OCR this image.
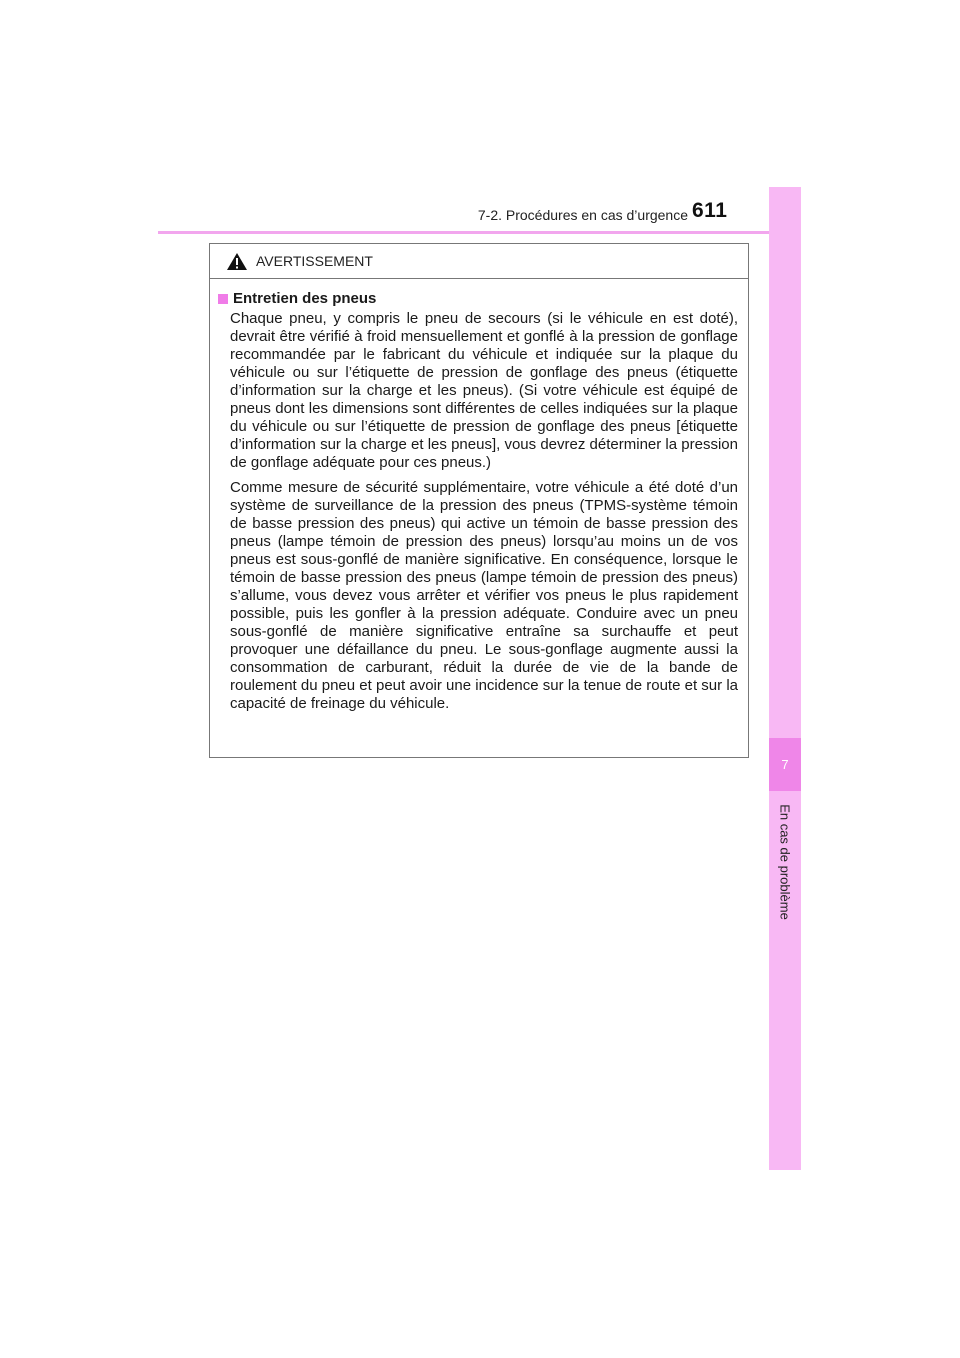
7-2. Procédures en cas d’urgence 611
7
En cas de problème
AVERTISSEMENT
Entretien des pneus

Chaque pneu, y compris le pneu de secours (si le véhicule en est doté), devrait être vérifié à froid mensuellement et gonflé à la pression de gonflage recommandée par le fabricant du véhicule et indiquée sur la plaque du véhicule ou sur l’étiquette de pression de gonflage des pneus (étiquette d’information sur la charge et les pneus). (Si votre véhicule est équipé de pneus dont les dimensions sont différentes de celles indiquées sur la plaque du véhicule ou sur l’étiquette de pression de gonflage des pneus [étiquette d’information sur la charge et les pneus], vous devrez déterminer la pression de gonflage adéquate pour ces pneus.)

Comme mesure de sécurité supplémentaire, votre véhicule a été doté d’un système de surveillance de la pression des pneus (TPMS-système témoin de basse pression des pneus) qui active un témoin de basse pression des pneus (lampe témoin de pression des pneus) lorsqu’au moins un de vos pneus est sous-gonflé de manière significative. En conséquence, lorsque le témoin de basse pression des pneus (lampe témoin de pression des pneus) s’allume, vous devez vous arrêter et vérifier vos pneus le plus rapidement possible, puis les gonfler à la pression adéquate. Conduire avec un pneu sous-gonflé de manière significative entraîne sa surchauffe et peut provoquer une défaillance du pneu. Le sous-gonflage augmente aussi la consommation de carburant, réduit la durée de vie de la bande de roulement du pneu et peut avoir une incidence sur la tenue de route et sur la capacité de freinage du véhicule.
